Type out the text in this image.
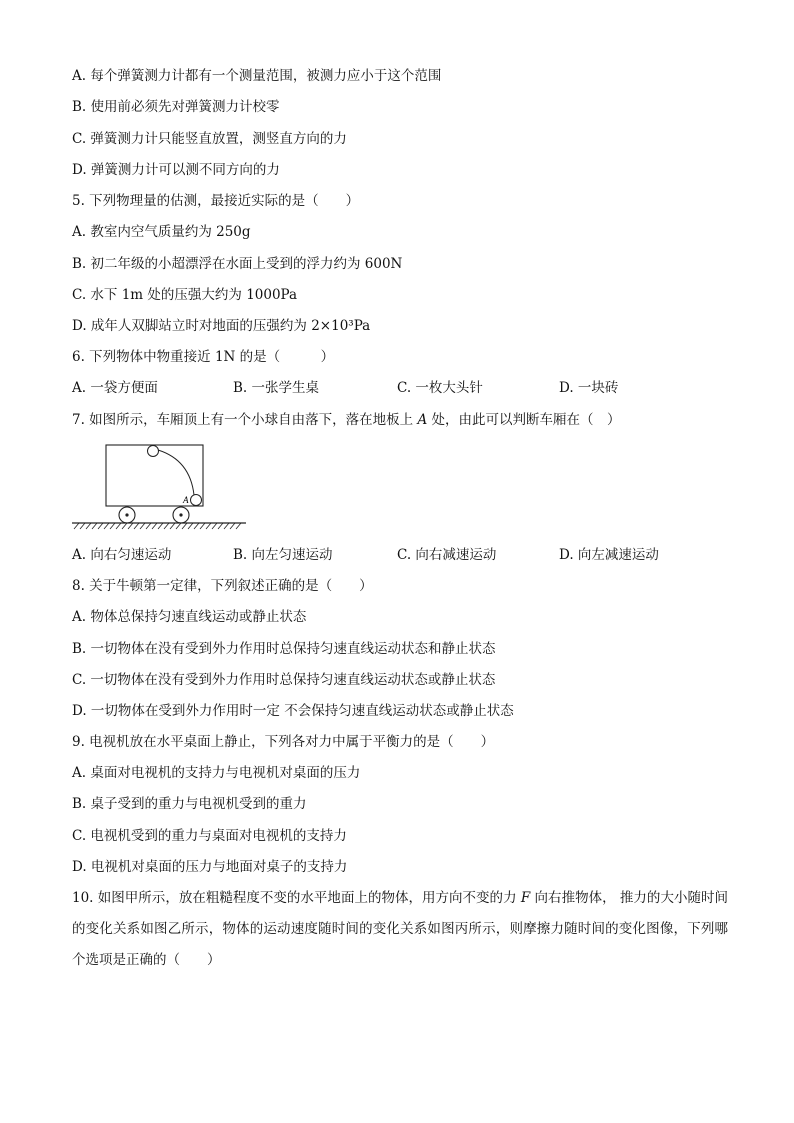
A. 每个弹簧测力计都有一个测量范围，被测力应小于这个范围
B. 使用前必须先对弹簧测力计校零
C. 弹簧测力计只能竖直放置，测竖直方向的力
D. 弹簧测力计可以测不同方向的力
5. 下列物理量的估测，最接近实际的是（　　）
A. 教室内空气质量约为 250g
B. 初二年级的小超漂浮在水面上受到的浮力约为 600N
C. 水下 1m 处的压强大约为 1000Pa
D. 成年人双脚站立时对地面的压强约为 2×10³Pa
6. 下列物体中物重接近 1N 的是（　　　）
A. 一袋方便面	B. 一张学生桌	C. 一枚大头针	D. 一块砖
7. 如图所示，车厢顶上有一个小球自由落下，落在地板上 A 处，由此可以判断车厢在（　）
A
A. 向右匀速运动	B. 向左匀速运动	C. 向右减速运动	D. 向左减速运动
8. 关于牛顿第一定律，下列叙述正确的是（　　）
A. 物体总保持匀速直线运动或静止状态
B. 一切物体在没有受到外力作用时总保持匀速直线运动状态和静止状态
C. 一切物体在没有受到外力作用时总保持匀速直线运动状态或静止状态
D. 一切物体在受到外力作用时一定 不会保持匀速直线运动状态或静止状态
9. 电视机放在水平桌面上静止，下列各对力中属于平衡力的是（　　）
A. 桌面对电视机的支持力与电视机对桌面的压力
B. 桌子受到的重力与电视机受到的重力
C. 电视机受到的重力与桌面对电视机的支持力
D. 电视机对桌面的压力与地面对桌子的支持力
10. 如图甲所示，放在粗糙程度不变的水平地面上的物体，用方向不变的力 F 向右推物体， 推力的大小随时间的变化关系如图乙所示，物体的运动速度随时间的变化关系如图丙所示，则摩擦力随时间的变化图像，下列哪个选项是正确的（　　）
